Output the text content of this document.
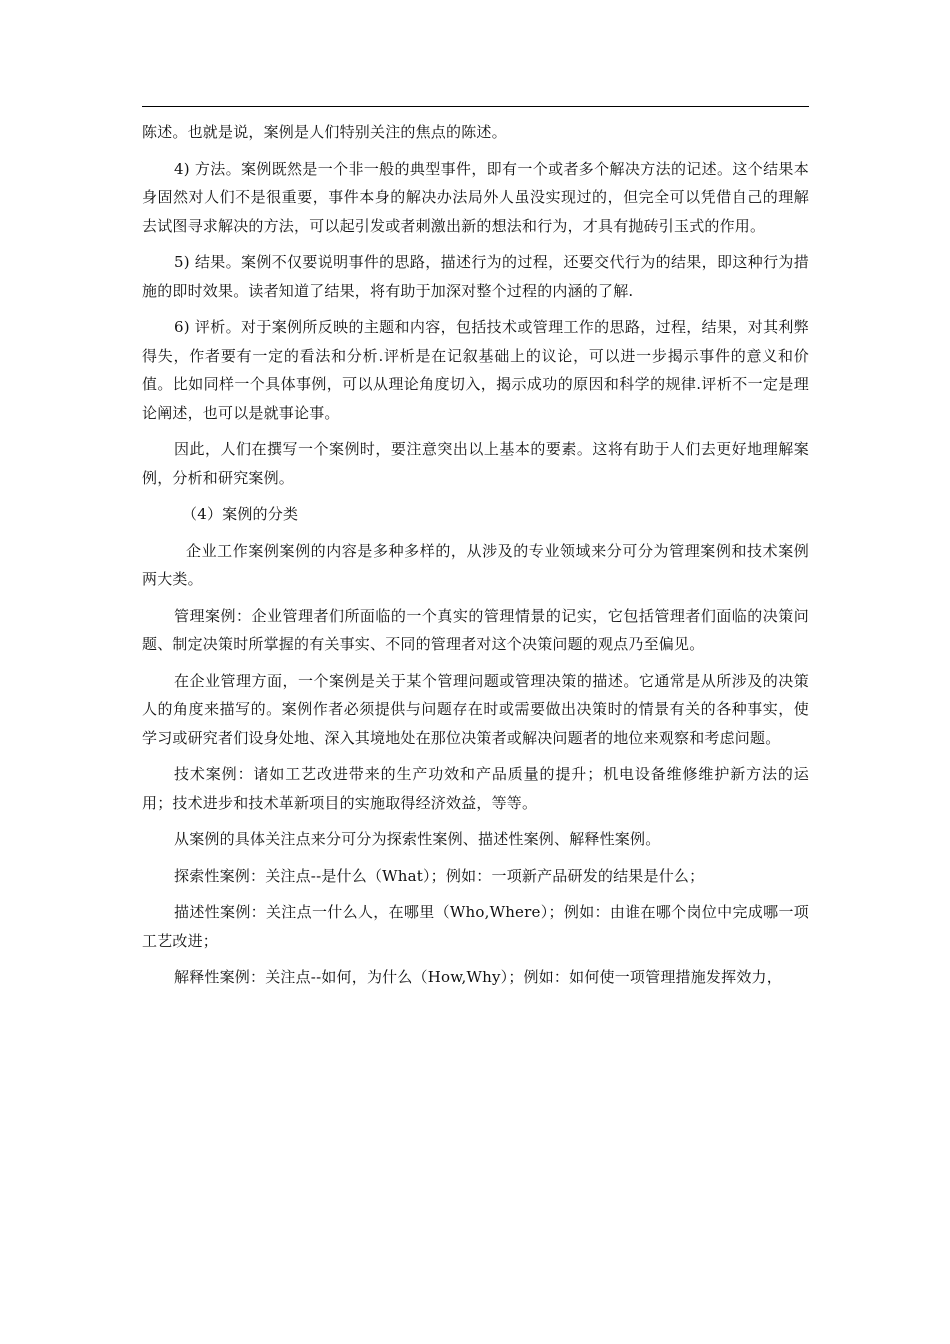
陈述。也就是说，案例是人们特别关注的焦点的陈述。

4) 方法。案例既然是一个非一般的典型事件，即有一个或者多个解决方法的记述。这个结果本身固然对人们不是很重要，事件本身的解决办法局外人虽没实现过的，但完全可以凭借自己的理解去试图寻求解决的方法，可以起引发或者刺激出新的想法和行为，才具有抛砖引玉式的作用。

5) 结果。案例不仅要说明事件的思路，描述行为的过程，还要交代行为的结果，即这种行为措施的即时效果。读者知道了结果，将有助于加深对整个过程的内涵的了解.

6) 评析。对于案例所反映的主题和内容，包括技术或管理工作的思路，过程，结果，对其利弊得失，作者要有一定的看法和分析.评析是在记叙基础上的议论，可以进一步揭示事件的意义和价值。比如同样一个具体事例，可以从理论角度切入，揭示成功的原因和科学的规律.评析不一定是理论阐述，也可以是就事论事。

因此，人们在撰写一个案例时，要注意突出以上基本的要素。这将有助于人们去更好地理解案例，分析和研究案例。

（4）案例的分类

企业工作案例案例的内容是多种多样的，从涉及的专业领域来分可分为管理案例和技术案例两大类。

管理案例：企业管理者们所面临的一个真实的管理情景的记实，它包括管理者们面临的决策问题、制定决策时所掌握的有关事实、不同的管理者对这个决策问题的观点乃至偏见。

在企业管理方面，一个案例是关于某个管理问题或管理决策的描述。它通常是从所涉及的决策人的角度来描写的。案例作者必须提供与问题存在时或需要做出决策时的情景有关的各种事实，使学习或研究者们设身处地、深入其境地处在那位决策者或解决问题者的地位来观察和考虑问题。

技术案例：诸如工艺改进带来的生产功效和产品质量的提升；机电设备维修维护新方法的运用；技术进步和技术革新项目的实施取得经济效益，等等。

从案例的具体关注点来分可分为探索性案例、描述性案例、解释性案例。

探索性案例：关注点--是什么（What）；例如：一项新产品研发的结果是什么；

描述性案例：关注点一什么人，在哪里（Who,Where）；例如：由谁在哪个岗位中完成哪一项工艺改进；

解释性案例：关注点--如何，为什么（How,Why）；例如：如何使一项管理措施发挥效力，
